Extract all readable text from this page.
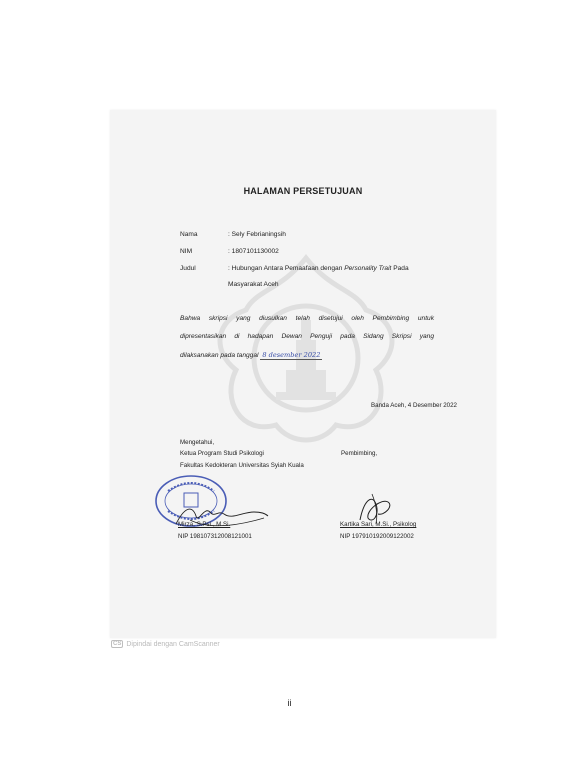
HALAMAN PERSETUJUAN
Nama	: Sely Febrianingsih
NIM	: 1807101130002
Judul	: Hubungan Antara Pemaafaan dengan Personality Trait Pada
Masyarakat Aceh
Bahwa skripsi yang diusulkan telah disetujui oleh Pembimbing untuk
dipresentasikan di hadapan Dewan Penguji pada Sidang Skripsi yang
dilaksanakan pada tanggal 8 desember 2022
Banda Aceh, 4 Desember 2022
Mengetahui,
Ketua Program Studi Psikologi
Fakultas Kedokteran Universitas Syiah Kuala
Pembimbing,
Mirza, S.Psi., M.Si.
NIP 198107312008121001
Kartika Sari, M.Si., Psikolog
NIP 197910192009122002
CS Dipindai dengan CamScanner
ii
